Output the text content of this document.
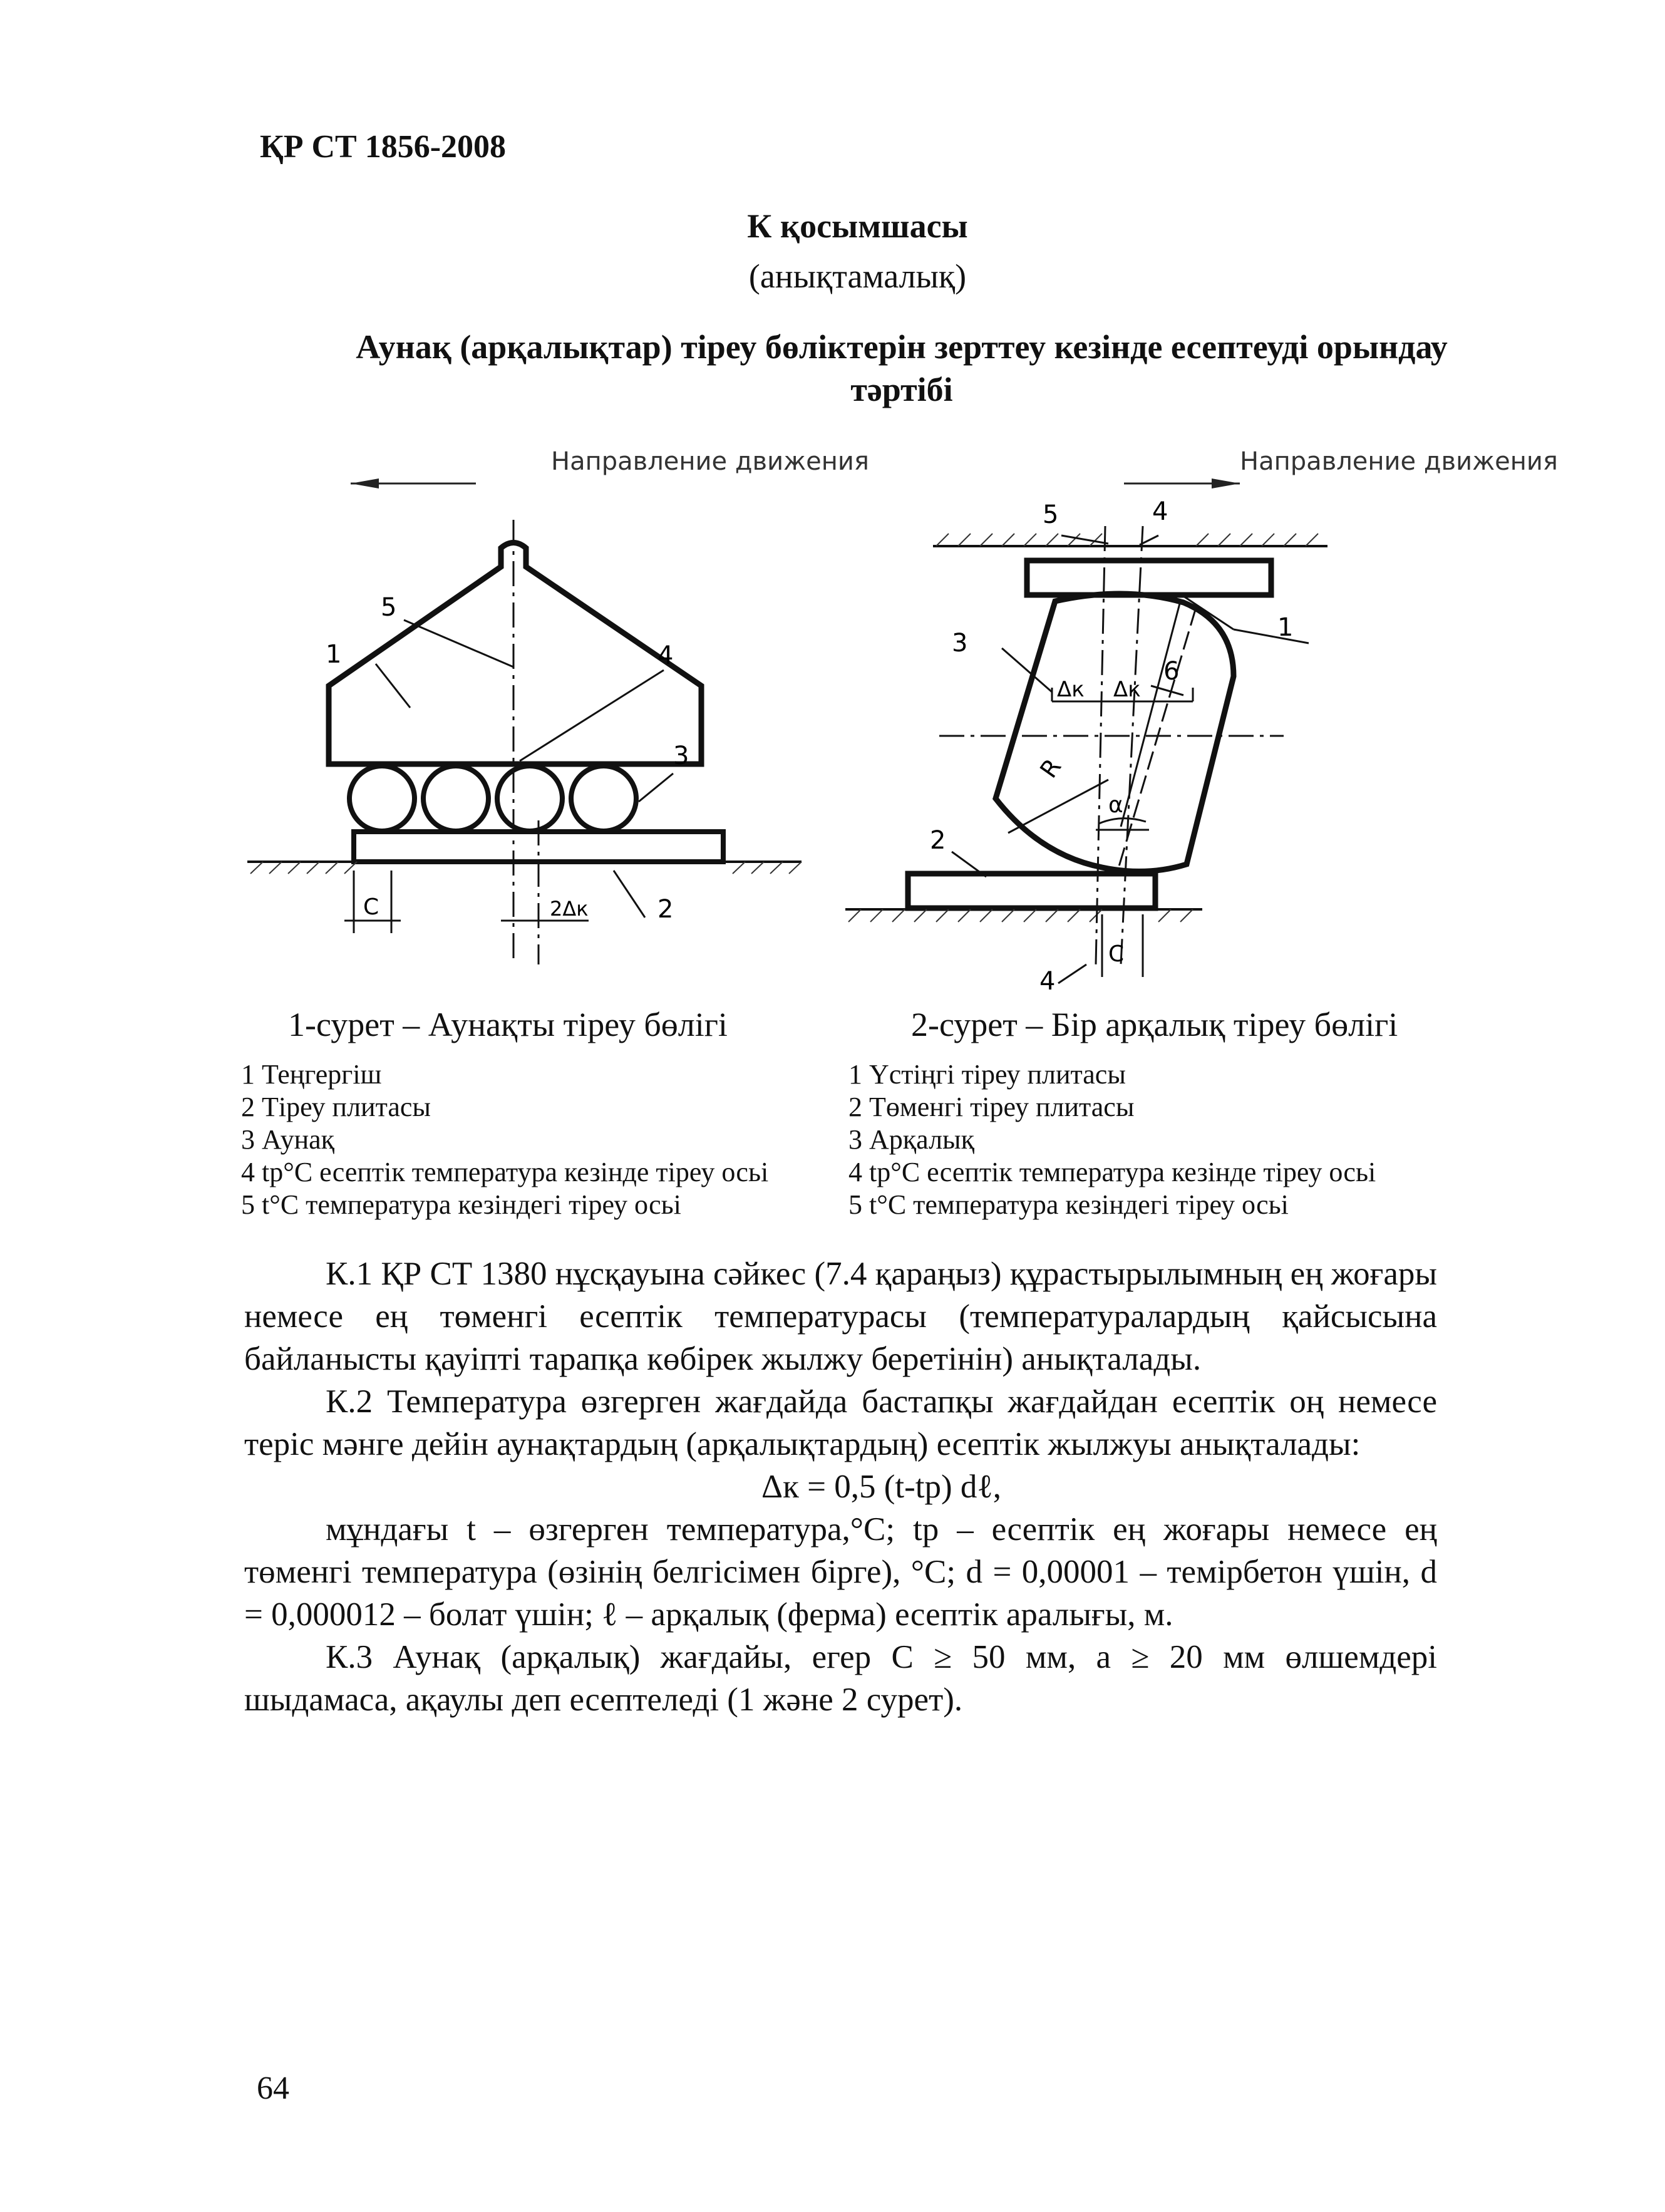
ҚР СТ 1856-2008
К қосымшасы
(анықтамалық)
Аунақ (арқалықтар) тіреу бөліктерін зерттеу кезінде есептеуді орындау тәртібі
Направление движения
C	2Δк
1
2
3
4
5
Направление движения
Δк Δк
α
R
C
1
2
3
4
4
5
6
1-сурет – Аунақты тіреу бөлігі	2-сурет – Бір арқалық тіреу бөлігі
1 Теңгергіш
2 Тіреу плитасы
3 Аунақ
4 tр°C есептік температура кезінде тіреу осьі
5 t°C температура кезіндегі тіреу осьі
1 Үстіңгі тіреу плитасы
2 Төменгі тіреу плитасы
3 Арқалық
4 tр°C есептік температура кезінде тіреу осьі
5 t°C температура кезіндегі тіреу осьі

К.1 ҚР СТ 1380 нұсқауына сәйкес (7.4 қараңыз) құрастырылымның ең жоғары немесе ең төменгі есептік температурасы (температуралардың қайсысына байланысты қауіпті тарапқа көбірек жылжу беретінін) анықталады.

К.2 Температура өзгерген жағдайда бастапқы жағдайдан есептік оң немесе теріс мәнге дейін аунақтардың (арқалықтардың) есептік жылжуы анықталады:

Δк = 0,5 (t-tр) dℓ,

мұндағы t – өзгерген температура,°C; tр – есептік ең жоғары немесе ең төменгі температура (өзінің белгісімен бірге), °C; d = 0,00001 – темірбетон үшін, d = 0,000012 – болат үшін; ℓ – арқалық (ферма) есептік аралығы, м.

К.3 Аунақ (арқалық) жағдайы, егер C ≥ 50 мм, a ≥ 20 мм өлшемдері шыдамаса, ақаулы деп есептеледі (1 және 2 сурет).

64
